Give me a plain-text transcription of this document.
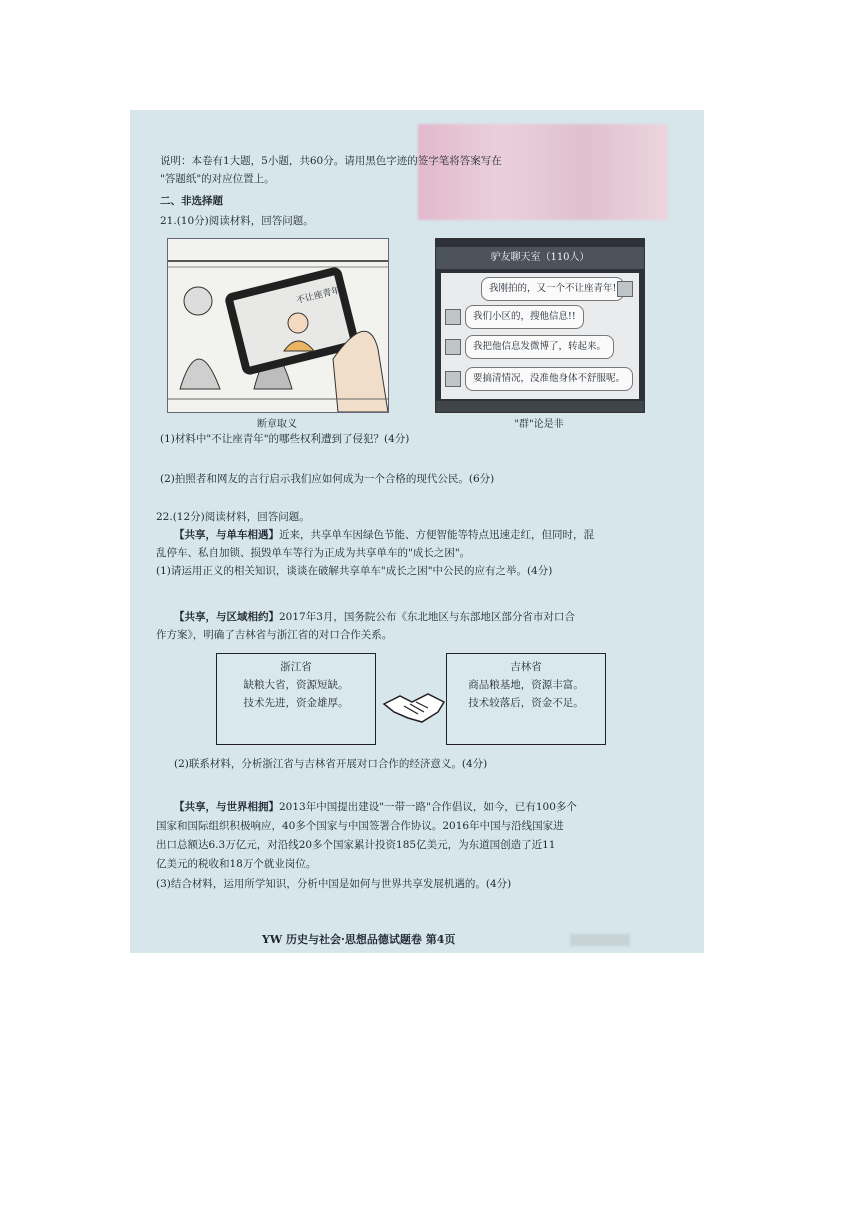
说明：本卷有1大题，5小题，共60分。请用黑色字迹的签字笔将答案写在
"答题纸"的对应位置上。
二、非选择题
21.(10分)阅读材料，回答问题。
不让座青年
断章取义
驴友聊天室（110人）
我刚拍的，又一个不让座青年!
我们小区的，搜他信息!!
我把他信息发微博了，转起来。
要搞清情况，没准他身体不舒服呢。
"群"论是非
(1)材料中"不让座青年"的哪些权利遭到了侵犯？(4分)
(2)拍照者和网友的言行启示我们应如何成为一个合格的现代公民。(6分)
22.(12分)阅读材料，回答问题。
【共享，与单车相遇】近来，共享单车因绿色节能、方便智能等特点迅速走红，但同时，混
乱停车、私自加锁、损毁单车等行为正成为共享单车的"成长之困"。
(1)请运用正义的相关知识，谈谈在破解共享单车"成长之困"中公民的应有之举。(4分)
【共享，与区域相约】2017年3月，国务院公布《东北地区与东部地区部分省市对口合
作方案》，明确了吉林省与浙江省的对口合作关系。
浙江省
缺粮大省，资源短缺。
技术先进，资金雄厚。
吉林省
商品粮基地，资源丰富。
技术较落后，资金不足。
(2)联系材料，分析浙江省与吉林省开展对口合作的经济意义。(4分)
【共享，与世界相拥】2013年中国提出建设"一带一路"合作倡议，如今，已有100多个
国家和国际组织积极响应，40多个国家与中国签署合作协议。2016年中国与沿线国家进
出口总额达6.3万亿元，对沿线20多个国家累计投资185亿美元，为东道国创造了近11
亿美元的税收和18万个就业岗位。
(3)结合材料，运用所学知识，分析中国是如何与世界共享发展机遇的。(4分)
YW 历史与社会·思想品德试题卷 第4页
